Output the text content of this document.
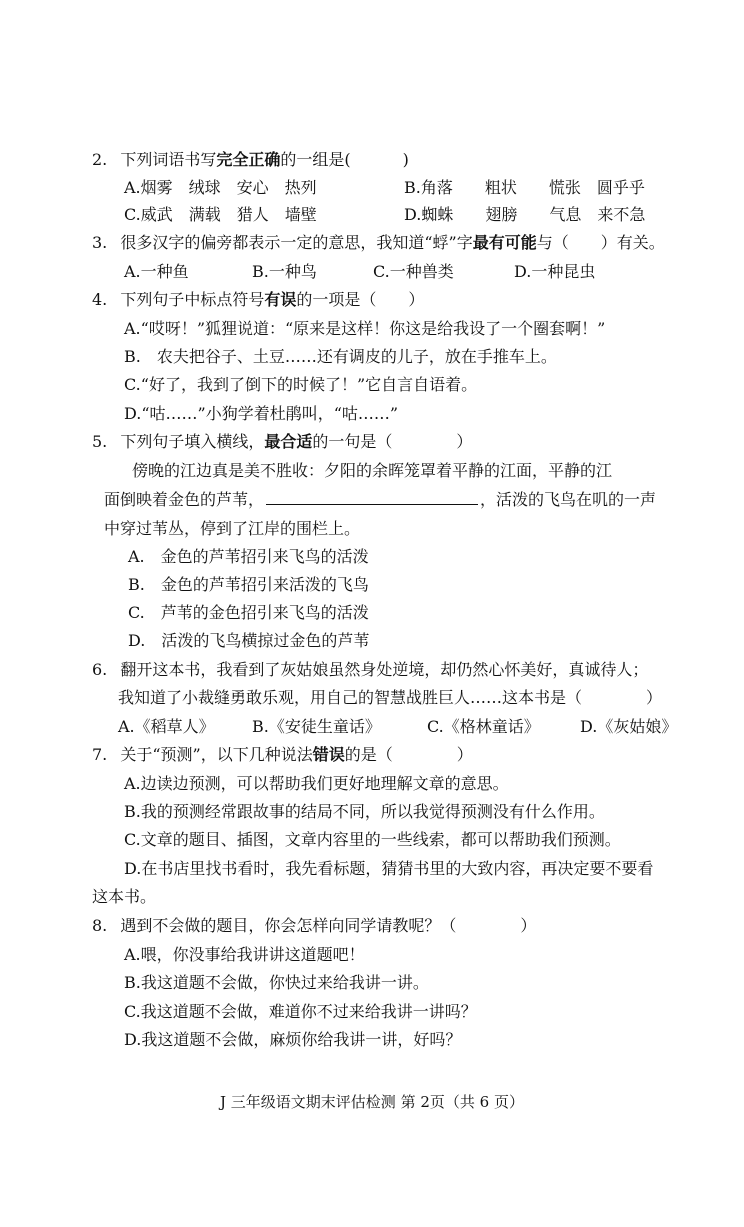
2. 下列词语书写完全正确的一组是(	)
A.烟雾　绒球　安心　热列	B.角落　　粗状　　慌张　圆乎乎
C.威武　满载　猎人　墙壁	D.蜘蛛　　翅膀　　气息　来不急
3. 很多汉字的偏旁都表示一定的意思，我知道“蜉”字最有可能与（　　）有关。
A.一种鱼	B.一种鸟	C.一种兽类	D.一种昆虫
4. 下列句子中标点符号有误的一项是（　　）
A.“哎呀！”狐狸说道：“原来是这样！你这是给我设了一个圈套啊！”
B.　农夫把谷子、土豆……还有调皮的儿子，放在手推车上。
C.“好了，我到了倒下的时候了！”它自言自语着。
D.“咕……”小狗学着杜鹃叫，“咕……”
5. 下列句子填入横线，最合适的一句是（　　　　）
傍晚的江边真是美不胜收：夕阳的余晖笼罩着平静的江面，平静的江
面倒映着金色的芦苇，	，活泼的飞鸟在叽的一声
中穿过苇丛，停到了江岸的围栏上。
A.　金色的芦苇招引来飞鸟的活泼
B.　金色的芦苇招引来活泼的飞鸟
C.　芦苇的金色招引来飞鸟的活泼
D.　活泼的飞鸟横掠过金色的芦苇
6. 翻开这本书，我看到了灰姑娘虽然身处逆境，却仍然心怀美好，真诚待人；
我知道了小裁缝勇敢乐观，用自己的智慧战胜巨人……这本书是（　　　　）
A.《稻草人》 B.《安徒生童话》	C.《格林童话》	D.《灰姑娘》
7. 关于“预测”，以下几种说法错误的是（　　　　）
A.边读边预测，可以帮助我们更好地理解文章的意思。
B.我的预测经常跟故事的结局不同，所以我觉得预测没有什么作用。
C.文章的题目、插图，文章内容里的一些线索，都可以帮助我们预测。
D.在书店里找书看时，我先看标题，猜猜书里的大致内容，再决定要不要看
这本书。
8. 遇到不会做的题目，你会怎样向同学请教呢？（　　　　）
A.喂，你没事给我讲讲这道题吧！
B.我这道题不会做，你快过来给我讲一讲。
C.我这道题不会做，难道你不过来给我讲一讲吗？
D.我这道题不会做，麻烦你给我讲一讲，好吗？
J 三年级语文期末评估检测 第 2页（共 6 页）
